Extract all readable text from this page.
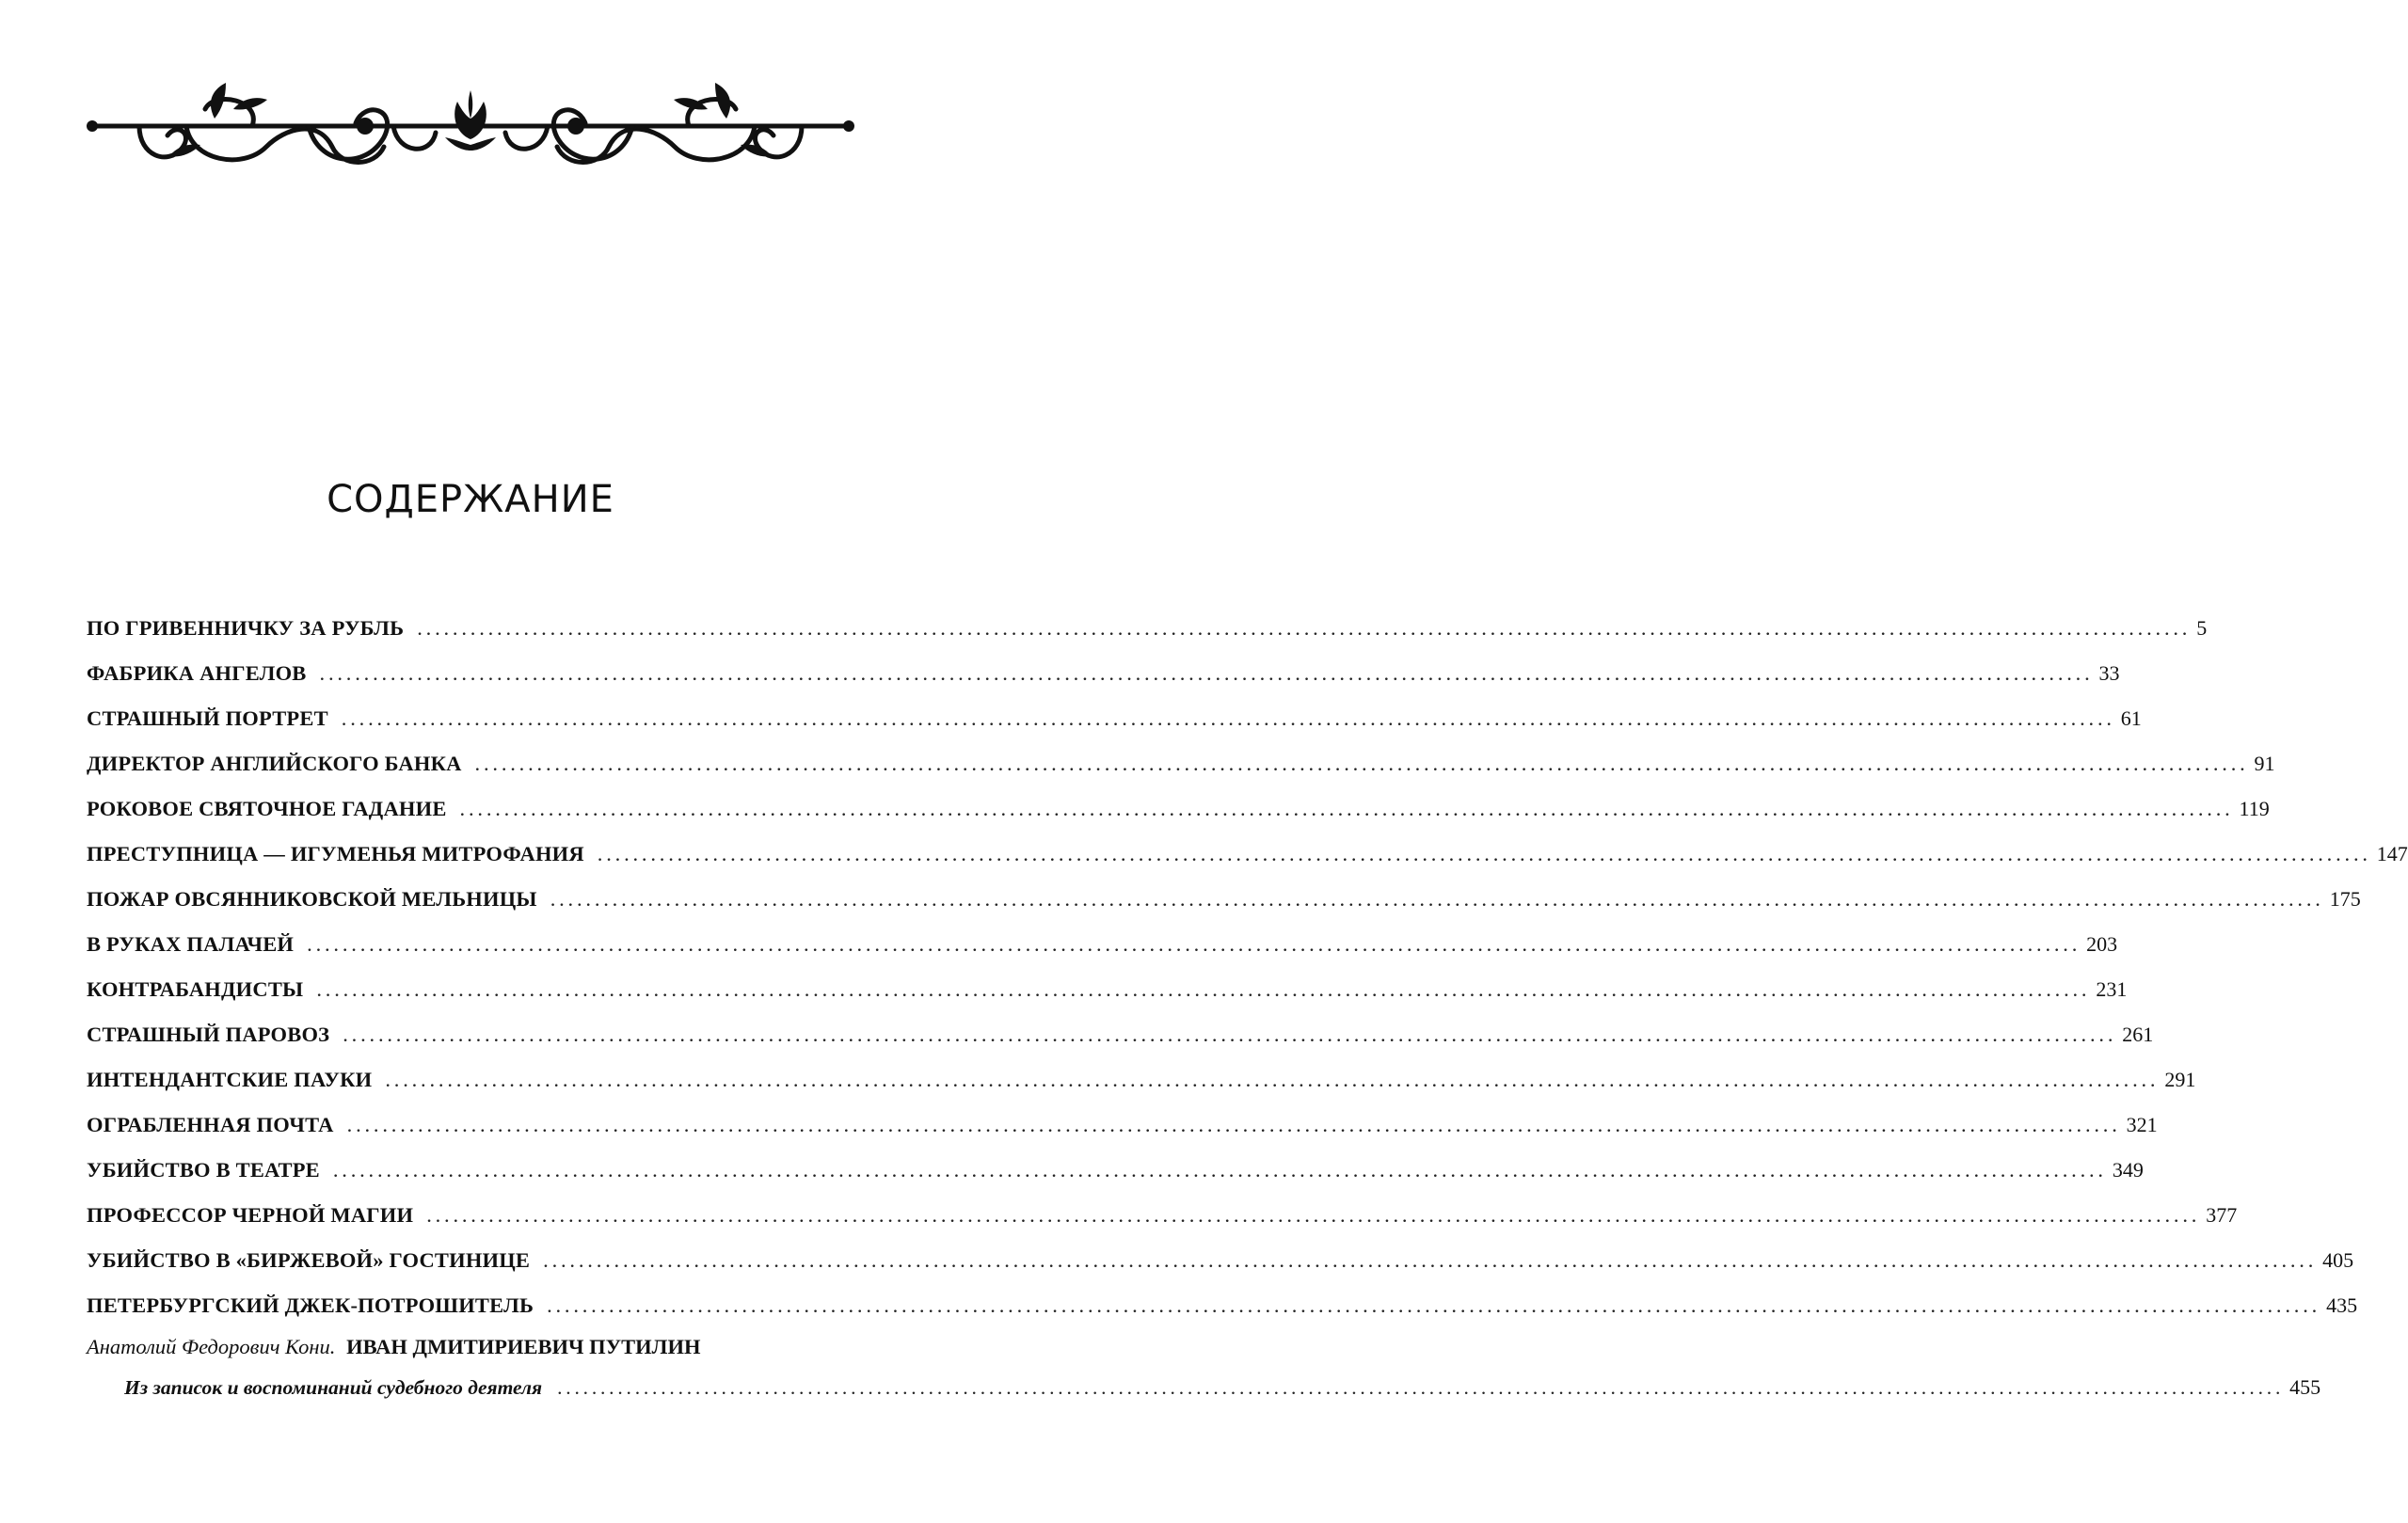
СОДЕРЖАНИЕ
ПО ГРИВЕННИЧКУ ЗА РУБЛЬ ........................................................................................................................................................................................................ 5
ФАБРИКА АНГЕЛОВ ........................................................................................................................................................................................................ 33
СТРАШНЫЙ ПОРТРЕТ ........................................................................................................................................................................................................ 61
ДИРЕКТОР АНГЛИЙСКОГО БАНКА ........................................................................................................................................................................................................ 91
РОКОВОЕ СВЯТОЧНОЕ ГАДАНИЕ ........................................................................................................................................................................................................ 119
ПРЕСТУПНИЦА — ИГУМЕНЬЯ МИТРОФАНИЯ ........................................................................................................................................................................................................ 147
ПОЖАР ОВСЯННИКОВСКОЙ МЕЛЬНИЦЫ ........................................................................................................................................................................................................ 175
В РУКАХ ПАЛАЧЕЙ ........................................................................................................................................................................................................ 203
КОНТРАБАНДИСТЫ ........................................................................................................................................................................................................ 231
СТРАШНЫЙ ПАРОВОЗ ........................................................................................................................................................................................................ 261
ИНТЕНДАНТСКИЕ ПАУКИ ........................................................................................................................................................................................................ 291
ОГРАБЛЕННАЯ ПОЧТА ........................................................................................................................................................................................................ 321
УБИЙСТВО В ТЕАТРЕ ........................................................................................................................................................................................................ 349
ПРОФЕССОР ЧЕРНОЙ МАГИИ ........................................................................................................................................................................................................ 377
УБИЙСТВО В «БИРЖЕВОЙ» ГОСТИНИЦЕ ........................................................................................................................................................................................................ 405
ПЕТЕРБУРГСКИЙ ДЖЕК-ПОТРОШИТЕЛЬ ........................................................................................................................................................................................................ 435
Анатолий Федорович Кони. ИВАН ДМИТИРИЕВИЧ ПУТИЛИН
Из записок и воспоминаний судебного деятеля ........................................................................................................................................................................................................ 455
